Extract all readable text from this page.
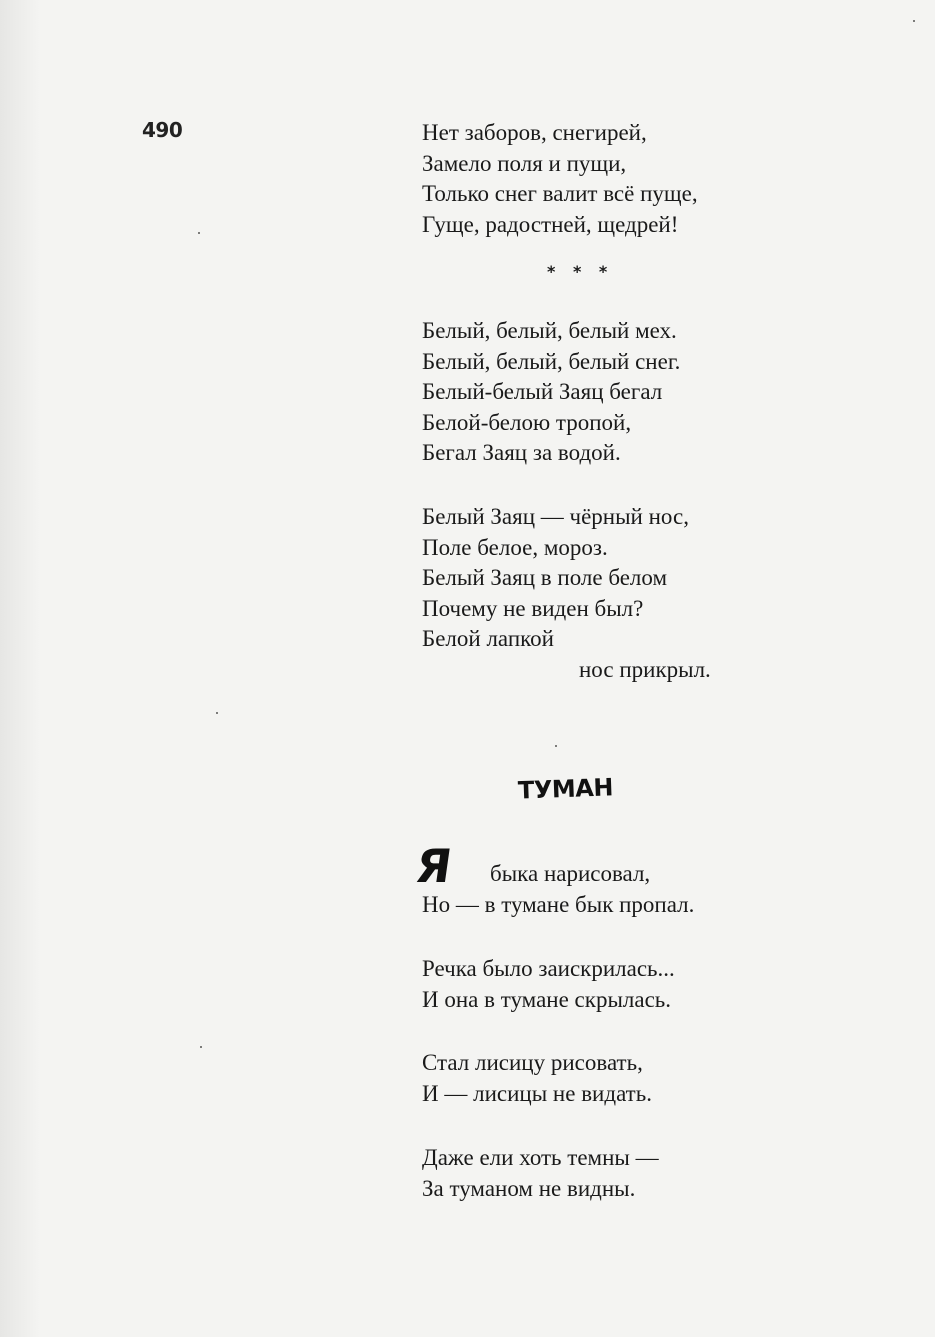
490	Нет заборов, снегирей,
Замело поля и пущи,
Только снег валит всё пуще,
Гуще, радостней, щедрей!
* * *
Белый, белый, белый мех.
Белый, белый, белый снег.
Белый-белый Заяц бегал
Белой-белою тропой,
Бегал Заяц за водой.
Белый Заяц — чёрный нос,
Поле белое, мороз.
Белый Заяц в поле белом
Почему не виден был?
Белой лапкой
нос прикрыл.
ТУМАН
Я быка нарисовал,
Но — в тумане бык пропал.
Речка было заискрилась...
И она в тумане скрылась.
Стал лисицу рисовать,
И — лисицы не видать.
Даже ели хоть темны —
За туманом не видны.
